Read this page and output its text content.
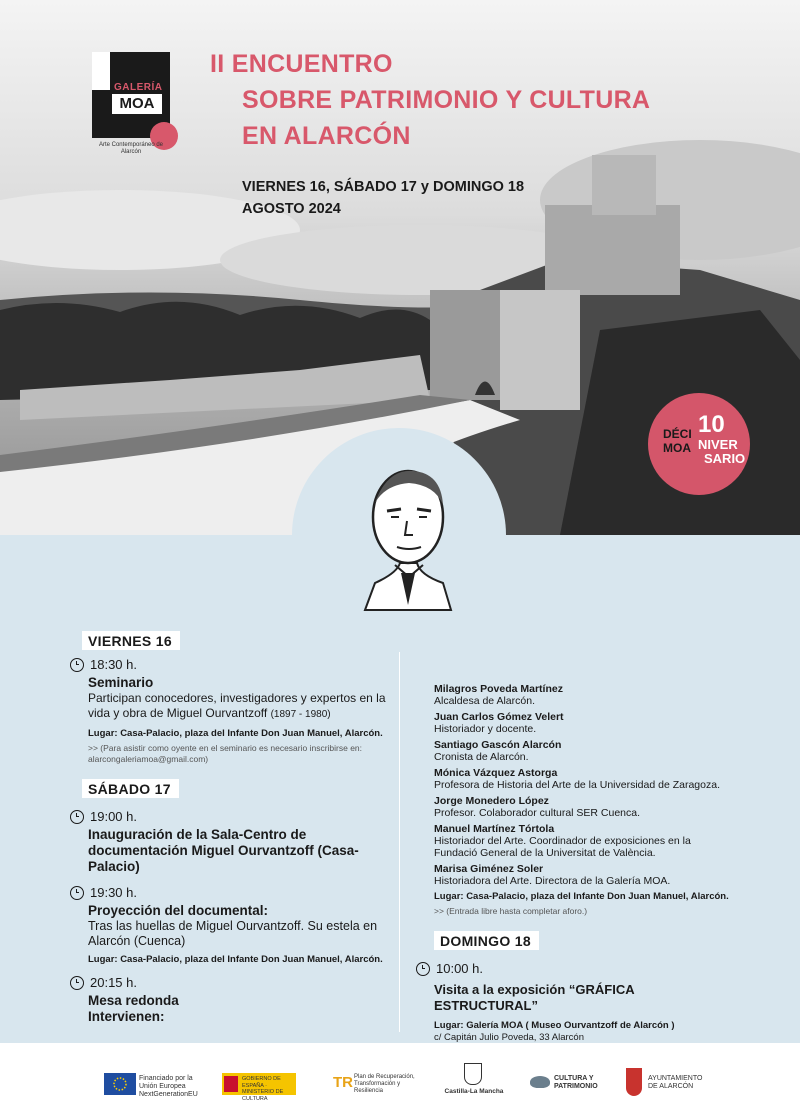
GALERÍA
MOA
Arte Contemporáneo de Alarcón
II ENCUENTRO
SOBRE PATRIMONIO Y CULTURA
EN ALARCÓN
VIERNES 16, SÁBADO 17 y DOMINGO 18
AGOSTO 2024
DÉCI
MOA
10
NIVER
SARIO
VIERNES 16
18:30 h.
Seminario
Participan conocedores, investigadores y expertos en la vida y obra de Miguel Ourvantzoff (1897 - 1980)
Lugar: Casa-Palacio, plaza del Infante Don Juan Manuel, Alarcón.
>> (Para asistir como oyente en el seminario es necesario inscribirse en: alarcongaleriamoa@gmail.com)
SÁBADO 17
19:00 h.
Inauguración de la Sala-Centro de documentación Miguel Ourvantzoff (Casa-Palacio)
19:30 h.
Proyección del documental:
Tras las huellas de Miguel Ourvantzoff. Su estela en Alarcón (Cuenca)
Lugar: Casa-Palacio, plaza del Infante Don Juan Manuel, Alarcón.
20:15 h.
Mesa redonda
Intervienen:
Milagros Poveda Martínez
Alcaldesa de Alarcón.
Juan Carlos Gómez Velert
Historiador y docente.
Santiago Gascón Alarcón
Cronista de Alarcón.
Mónica Vázquez Astorga
Profesora de Historia del Arte de la Universidad de Zaragoza.
Jorge Monedero López
Profesor. Colaborador cultural SER Cuenca.
Manuel Martínez Tórtola
Historiador del Arte. Coordinador de exposiciones en la Fundació General de la Universitat de València.
Marisa Giménez Soler
Historiadora del Arte. Directora de la Galería MOA.
Lugar: Casa-Palacio, plaza del Infante Don Juan Manuel, Alarcón.
>> (Entrada libre hasta completar aforo.)
DOMINGO 18
10:00 h.
Visita a la exposición “GRÁFICA ESTRUCTURAL”
Lugar: Galería MOA ( Museo Ourvantzoff de Alarcón )
c/ Capitán Julio Poveda, 33 Alarcón
Financiado por la Unión Europea NextGenerationEU
GOBIERNO DE ESPAÑA · MINISTERIO DE CULTURA
TR Plan de Recuperación, Transformación y Resiliencia	Castilla-La Mancha
CULTURA Y PATRIMONIO
AYUNTAMIENTO DE ALARCÓN
